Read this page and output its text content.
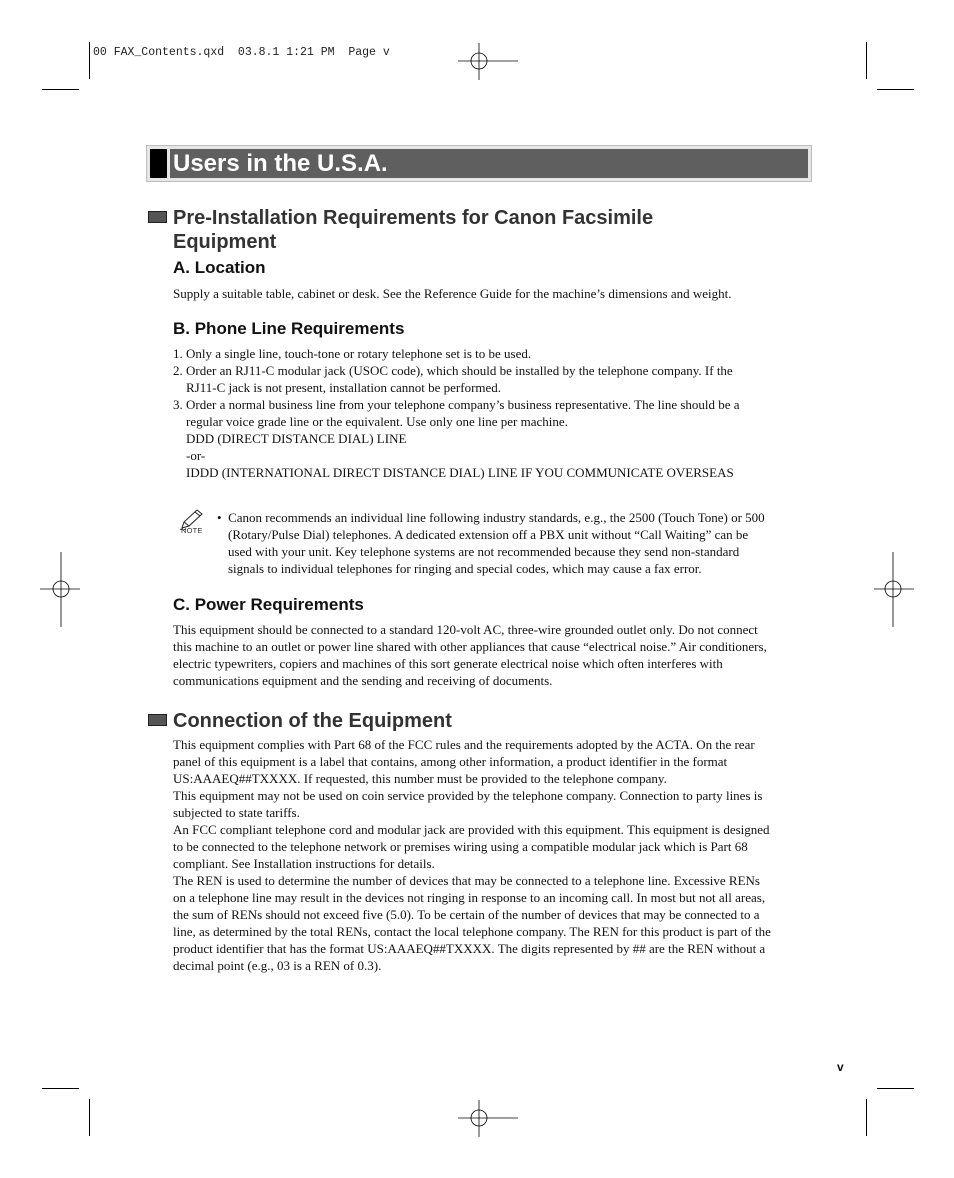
00 FAX_Contents.qxd  03.8.1 1:21 PM  Page v
Users in the U.S.A.
Pre-Installation Requirements for Canon Facsimile
Equipment
A. Location
Supply a suitable table, cabinet or desk. See the Reference Guide for the machine’s dimensions and weight.
B. Phone Line Requirements
1. Only a single line, touch-tone or rotary telephone set is to be used.
2. Order an RJ11-C modular jack (USOC code), which should be installed by the telephone company. If the
RJ11-C jack is not present, installation cannot be performed.
3. Order a normal business line from your telephone company’s business representative. The line should be a
regular voice grade line or the equivalent. Use only one line per machine.
DDD (DIRECT DISTANCE DIAL) LINE
-or-
IDDD (INTERNATIONAL DIRECT DISTANCE DIAL) LINE IF YOU COMMUNICATE OVERSEAS
NOTE
• Canon recommends an individual line following industry standards, e.g., the 2500 (Touch Tone) or 500
(Rotary/Pulse Dial) telephones. A dedicated extension off a PBX unit without “Call Waiting” can be
used with your unit. Key telephone systems are not recommended because they send non-standard
signals to individual telephones for ringing and special codes, which may cause a fax error.
C. Power Requirements
This equipment should be connected to a standard 120-volt AC, three-wire grounded outlet only. Do not connect
this machine to an outlet or power line shared with other appliances that cause “electrical noise.” Air conditioners,
electric typewriters, copiers and machines of this sort generate electrical noise which often interferes with
communications equipment and the sending and receiving of documents.
Connection of the Equipment
This equipment complies with Part 68 of the FCC rules and the requirements adopted by the ACTA. On the rear
panel of this equipment is a label that contains, among other information, a product identifier in the format
US:AAAEQ##TXXXX. If requested, this number must be provided to the telephone company.
This equipment may not be used on coin service provided by the telephone company. Connection to party lines is
subjected to state tariffs.
An FCC compliant telephone cord and modular jack are provided with this equipment. This equipment is designed
to be connected to the telephone network or premises wiring using a compatible modular jack which is Part 68
compliant. See Installation instructions for details.
The REN is used to determine the number of devices that may be connected to a telephone line. Excessive RENs
on a telephone line may result in the devices not ringing in response to an incoming call. In most but not all areas,
the sum of RENs should not exceed five (5.0). To be certain of the number of devices that may be connected to a
line, as determined by the total RENs, contact the local telephone company. The REN for this product is part of the
product identifier that has the format US:AAAEQ##TXXXX. The digits represented by ## are the REN without a
decimal point (e.g., 03 is a REN of 0.3).
v
